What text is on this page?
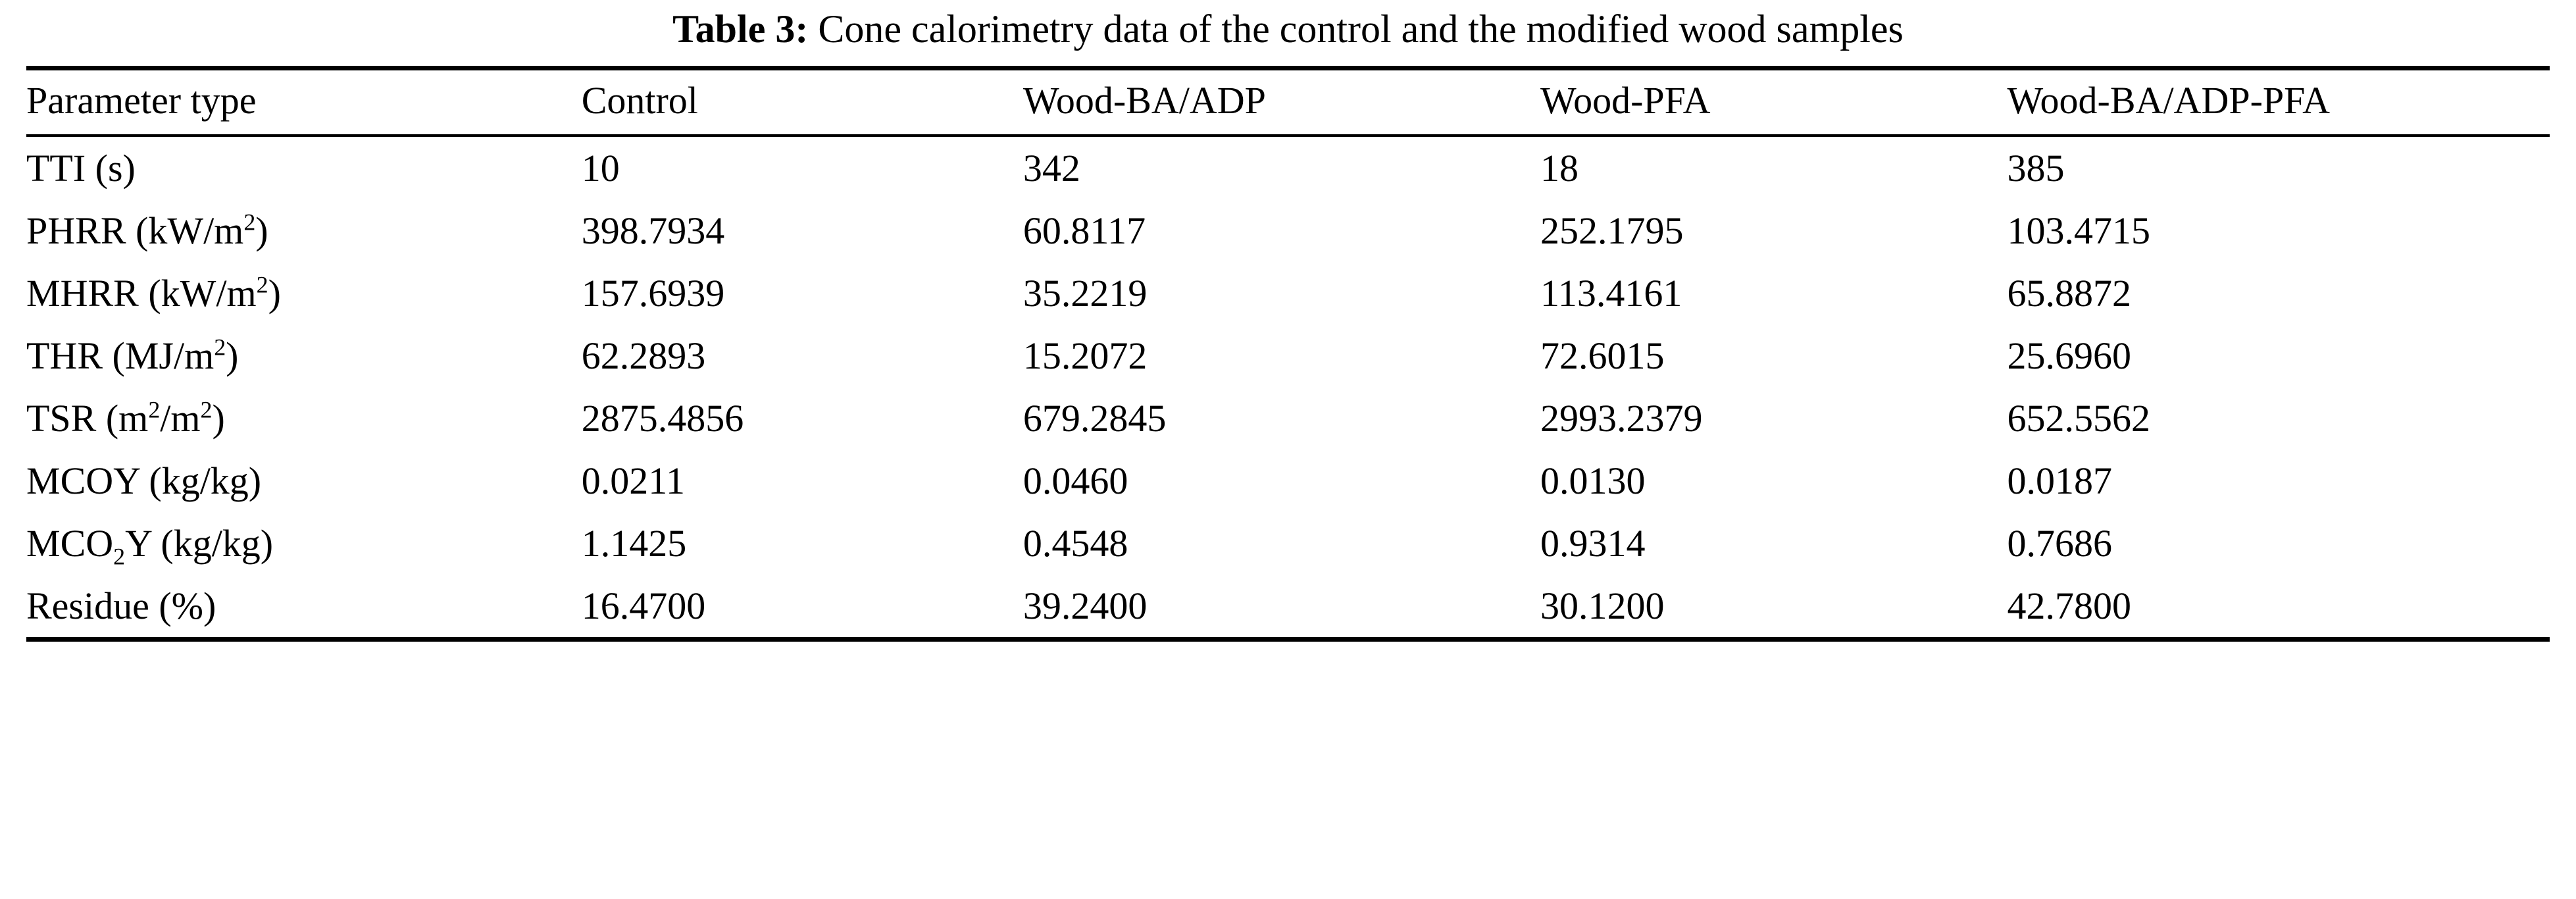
Table 3: Cone calorimetry data of the control and the modified wood samples
Parameter type	Control	Wood-BA/ADP	Wood-PFA	Wood-BA/ADP-PFA
TTI (s)	10	342	18	385
PHRR $(kW/m^2)$	398.7934	60.8117	252.1795	103.4715
MHRR $(kW/m^2)$	157.6939	35.2219	113.4161	65.8872
THR $(MJ/m^2)$	62.2893	15.2072	72.6015	25.6960
TSR $(m^2/m^2)$	2875.4856	679.2845	2993.2379	652.5562
MCOY (kg/kg)	0.0211	0.0460	0.0130	0.0187
$MCO_2Y$ (kg/kg)	1.1425	0.4548	0.9314	0.7686
Residue (%)	16.4700	39.2400	30.1200	42.7800
